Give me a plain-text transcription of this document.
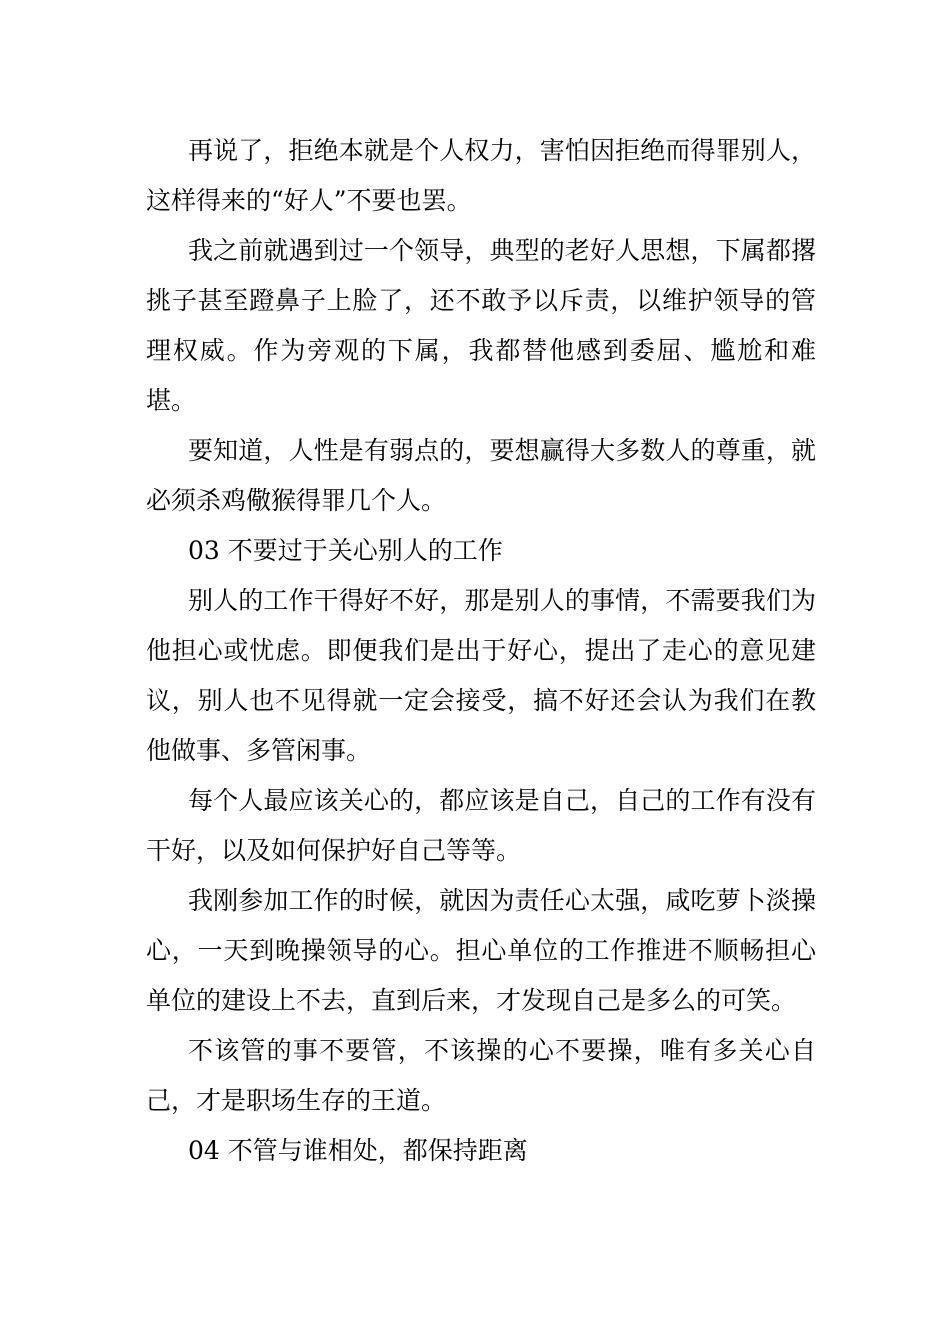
再说了，拒绝本就是个人权力，害怕因拒绝而得罪别人，这样得来的“好人”不要也罢。

我之前就遇到过一个领导，典型的老好人思想，下属都撂挑子甚至蹬鼻子上脸了，还不敢予以斥责，以维护领导的管理权威。作为旁观的下属，我都替他感到委屈、尴尬和难堪。

要知道，人性是有弱点的，要想赢得大多数人的尊重，就必须杀鸡儆猴得罪几个人。

03 不要过于关心别人的工作

别人的工作干得好不好，那是别人的事情，不需要我们为他担心或忧虑。即便我们是出于好心，提出了走心的意见建议，别人也不见得就一定会接受，搞不好还会认为我们在教他做事、多管闲事。

每个人最应该关心的，都应该是自己，自己的工作有没有干好，以及如何保护好自己等等。

我刚参加工作的时候，就因为责任心太强，咸吃萝卜淡操心，一天到晚操领导的心。担心单位的工作推进不顺畅担心单位的建设上不去，直到后来，才发现自己是多么的可笑。

不该管的事不要管，不该操的心不要操，唯有多关心自己，才是职场生存的王道。

04 不管与谁相处，都保持距离
